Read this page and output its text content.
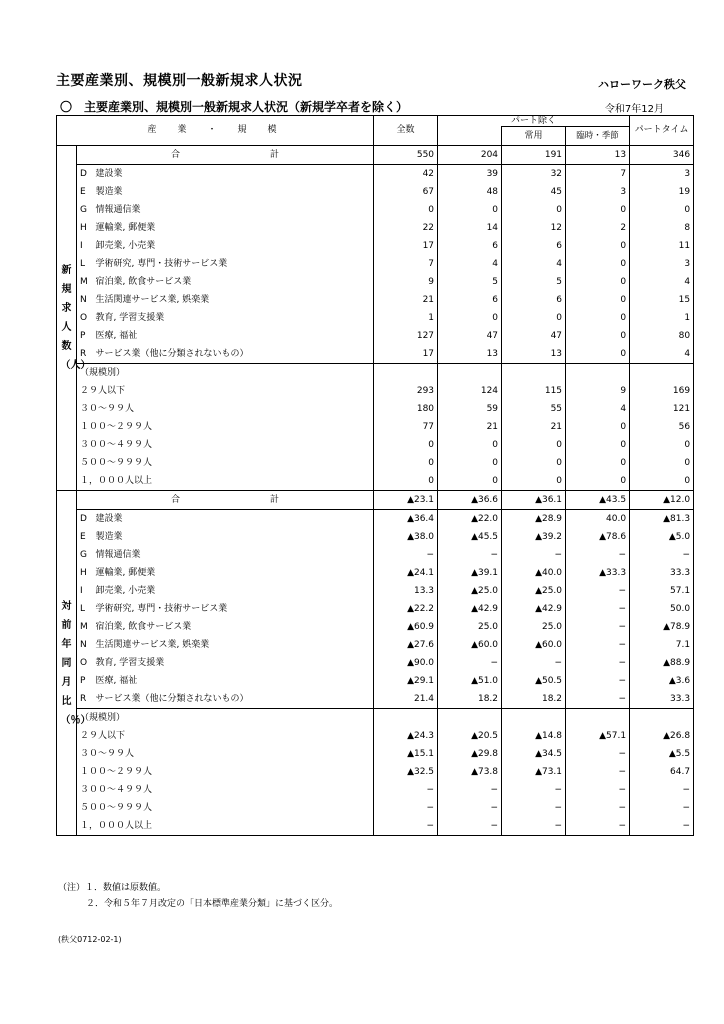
主要産業別、規模別一般新規求人状況	ハローワーク秩父
〇　主要産業別、規模別一般新規求人状況（新規学卒者を除く）	令和7年12月
産　業　・　規　模			全数	パート除く			パートタイム
					常用	臨時・季節	
新規求人数（人）	合　　　　　　　　　　計		550	204	191	13	346
	D	建設業	42	39	32	7	3
	E	製造業	67	48	45	3	19
	G	情報通信業	0	0	0	0	0
	H	運輸業, 郵便業	22	14	12	2	8
	I	卸売業, 小売業	17	6	6	0	11
	L	学術研究, 専門・技術サービス業	7	4	4	0	3
	M	宿泊業, 飲食サービス業	9	5	5	0	4
	N	生活関連サービス業, 娯楽業	21	6	6	0	15
	O	教育, 学習支援業	1	0	0	0	1
	P	医療, 福祉	127	47	47	0	80
	R	サービス業（他に分類されないもの）	17	13	13	0	4
	（規模別）						
	２９人以下		293	124	115	9	169
	３０～９９人		180	59	55	4	121
	１００～２９９人		77	21	21	0	56
	３００～４９９人		0	0	0	0	0
	５００～９９９人		0	0	0	0	0
	１，０００人以上		0	0	0	0	0
対前年同月比（％）	合　　　　　　　　　　計		▲23.1	▲36.6	▲36.1	▲43.5	▲12.0
	D	建設業	▲36.4	▲22.0	▲28.9	40.0	▲81.3
	E	製造業	▲38.0	▲45.5	▲39.2	▲78.6	▲5.0
	G	情報通信業	−	−	−	−	−
	H	運輸業, 郵便業	▲24.1	▲39.1	▲40.0	▲33.3	33.3
	I	卸売業, 小売業	13.3	▲25.0	▲25.0	−	57.1
	L	学術研究, 専門・技術サービス業	▲22.2	▲42.9	▲42.9	−	50.0
	M	宿泊業, 飲食サービス業	▲60.9	25.0	25.0	−	▲78.9
	N	生活関連サービス業, 娯楽業	▲27.6	▲60.0	▲60.0	−	7.1
	O	教育, 学習支援業	▲90.0	−	−	−	▲88.9
	P	医療, 福祉	▲29.1	▲51.0	▲50.5	−	▲3.6
	R	サービス業（他に分類されないもの）	21.4	18.2	18.2	−	33.3
	（規模別）						
	２９人以下		▲24.3	▲20.5	▲14.8	▲57.1	▲26.8
	３０～９９人		▲15.1	▲29.8	▲34.5	−	▲5.5
	１００～２９９人		▲32.5	▲73.8	▲73.1	−	64.7
	３００～４９９人		−	−	−	−	−
	５００～９９９人		−	−	−	−	−
	１，０００人以上		−	−	−	−	−
（注）１．数値は原数値。
２．令和５年７月改定の「日本標準産業分類」に基づく区分。
(秩父0712-02-1)
